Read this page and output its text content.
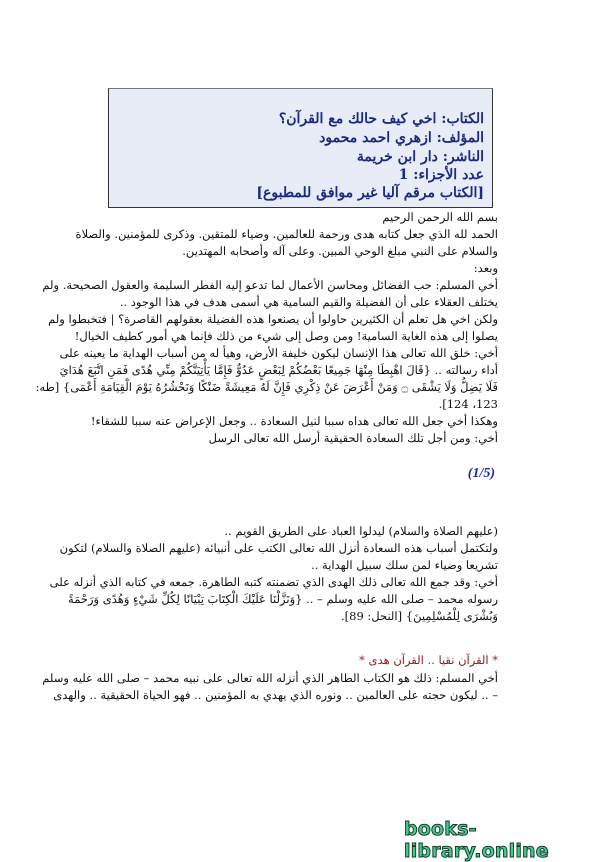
الكتاب: اخي كيف حالك مع القرآن؟
المؤلف: ازهري احمد محمود
الناشر: دار ابن خريمة
عدد الأجزاء: 1
[الكتاب مرقم آليا غير موافق للمطبوع]
بسم الله الرحمن الرحيم
الحمد لله الذي جعل كتابه هدى ورحمة للعالمين. وضياء للمتقين. وذكرى للمؤمنين. والصلاة
والسلام على النبي مبلغ الوحي المبين. وعلى آله وأصحابه المهتدين.
وبعد:
أخي المسلم: حب الفضائل ومحاسن الأعمال لما تدعو إليه الفطر السليمة والعقول الصحيحة. ولم
يختلف العقلاء على أن الفضيلة والقيم السامية هي أسمى هدف في هذا الوجود ..
ولكن اخي هل تعلم أن الكثيرين حاولوا أن يصنعوا هذه الفضيلة بعقولهم القاصرة؟ | فتخبطوا ولم
يصلوا إلى هذه الغاية السامية! ومن وصل إلى شيء من ذلك فإنما هي أمور كطيف الخيال!
أخي: خلق الله تعالى هذا الإنسان ليكون خليفة الأرض، وهيأ له من أسباب الهداية ما يعينه على
أداء رسالته .. {قَالَ اهْبِطَا مِنْهَا جَمِيعًا بَعْضُكُمْ لِبَعْضٍ عَدُوٌّ فَإِمَّا يَأْتِيَنَّكُمْ مِنِّي هُدًى فَمَنِ اتَّبَعَ هُدَايَ
فَلَا يَضِلُّ وَلَا يَشْقَى ۝ وَمَنْ أَعْرَضَ عَنْ ذِكْرِي فَإِنَّ لَهُ مَعِيشَةً ضَنْكًا وَنَحْشُرُهُ يَوْمَ الْقِيَامَةِ أَعْمَى} [طه:
123، 124].
وهكذا أخي جعل الله تعالى هداه سببا لنيل السعادة .. وجعل الإعراض عنه سببا للشقاء!
أخي: ومن أجل تلك السعادة الحقيقية أرسل الله تعالى الرسل
(1/5)
(عليهم الصلاة والسلام) ليدلوا العباد على الطريق القويم ..
ولتكتمل أسباب هذه السعادة أنزل الله تعالى الكتب على أنبيائه (عليهم الصلاة والسلام) لتكون
تشريعا وضياء لمن سلك سبيل الهداية ..
أخي: وقد جمع الله تعالى ذلك الهدى الذي تضمنته كتبه الطاهرة. جمعه في كتابه الذي أنزله على
رسوله محمد – صلى الله عليه وسلم – .. {وَنَزَّلْنَا عَلَيْكَ الْكِتَابَ تِبْيَانًا لِكُلِّ شَيْءٍ وَهُدًى وَرَحْمَةً
وَبُشْرَى لِلْمُسْلِمِينَ} [النحل: 89].
* القرآن نقيا .. القرآن هدى *
أخي المسلم: ذلك هو الكتاب الطاهر الذي أنزله الله تعالى على نبيه محمد – صلى الله عليه وسلم
– .. ليكون حجته على العالمين .. ونوره الذي يهدي به المؤمنين .. فهو الحياة الحقيقية .. والهدى
books-library.online
